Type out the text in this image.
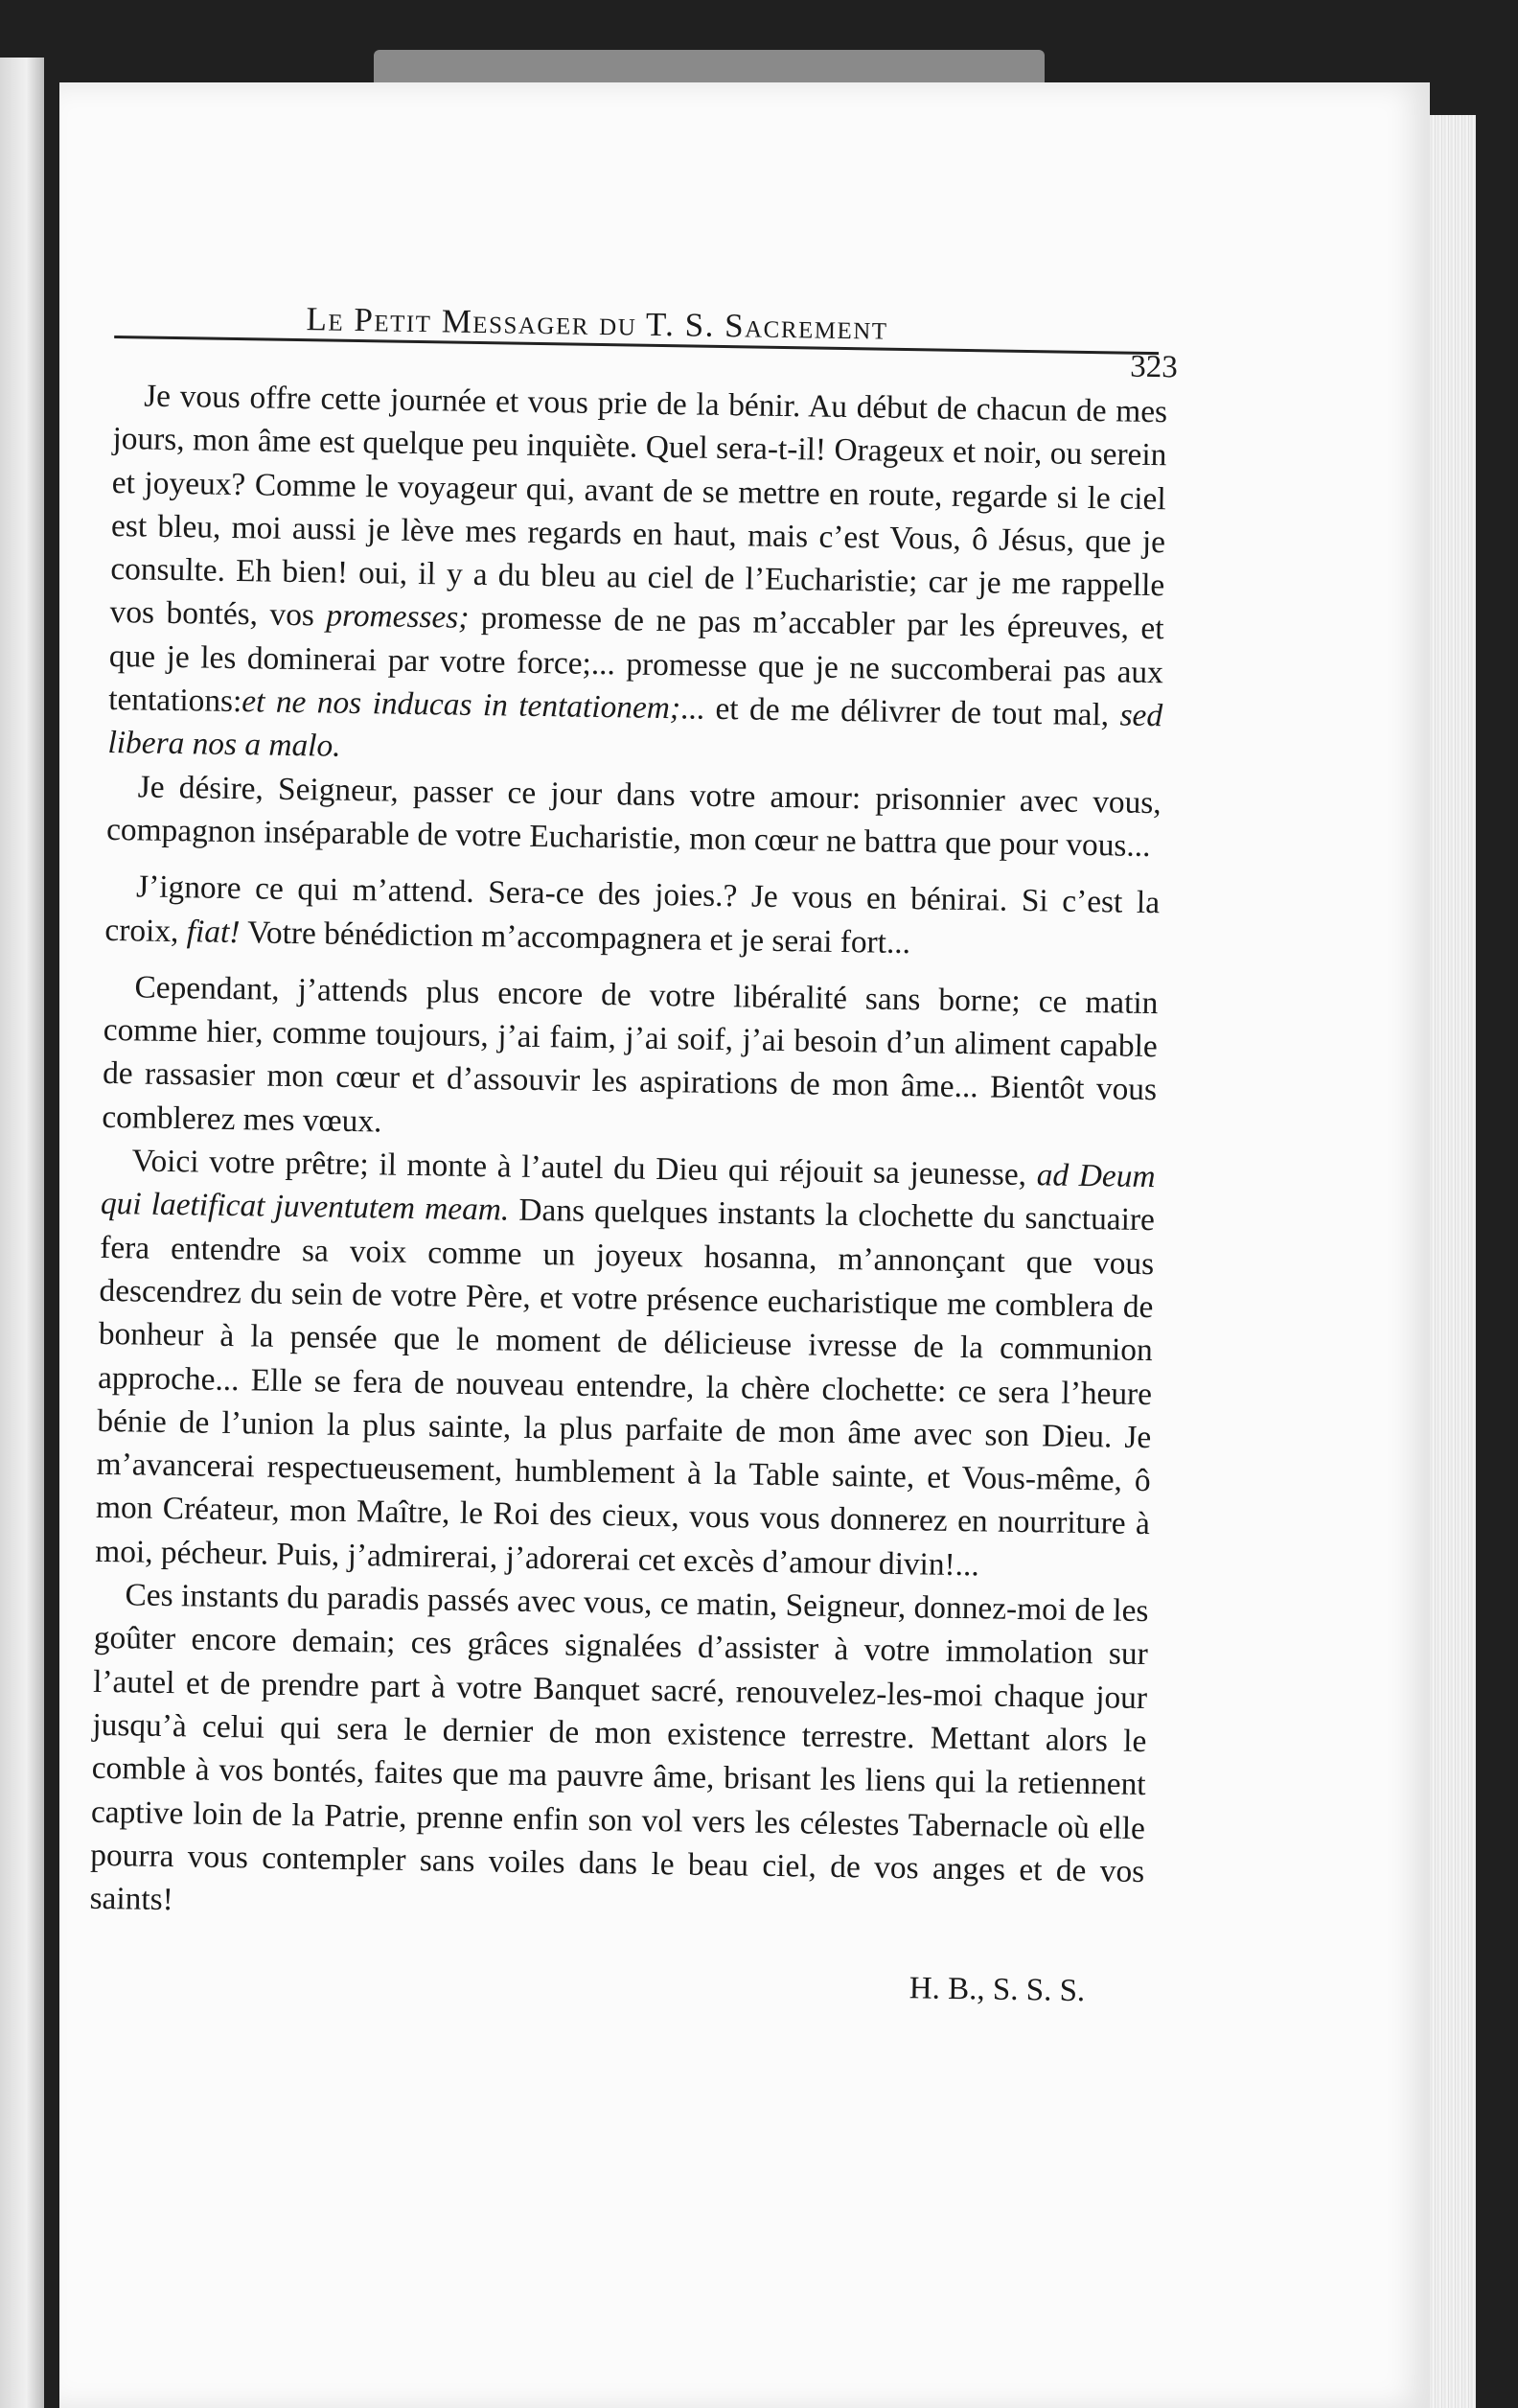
Le Petit Messager du T. S. Sacrement
323

Je vous offre cette journée et vous prie de la bénir. Au début de chacun de mes jours, mon âme est quelque peu inquiète. Quel sera-t-il! Orageux et noir, ou serein et joyeux? Comme le voyageur qui, avant de se mettre en route, regarde si le ciel est bleu, moi aussi je lève mes regards en haut, mais c’est Vous, ô Jésus, que je consulte. Eh bien! oui, il y a du bleu au ciel de l’Eucharistie; car je me rappelle vos bontés, vos promesses; promesse de ne pas m’accabler par les épreuves, et que je les dominerai par votre force;... promesse que je ne succomberai pas aux tentations:et ne nos inducas in tentationem;... et de me délivrer de tout mal, sed libera nos a malo.

Je désire, Seigneur, passer ce jour dans votre amour: prisonnier avec vous, compagnon inséparable de votre Eucharistie, mon cœur ne battra que pour vous...

J’ignore ce qui m’attend. Sera-ce des joies.? Je vous en bénirai. Si c’est la croix, fiat! Votre bénédiction m’accompagnera et je serai fort...

Cependant, j’attends plus encore de votre libéralité sans borne; ce matin comme hier, comme toujours, j’ai faim, j’ai soif, j’ai besoin d’un aliment capable de rassasier mon cœur et d’assouvir les aspirations de mon âme... Bientôt vous comblerez mes vœux.

Voici votre prêtre; il monte à l’autel du Dieu qui réjouit sa jeunesse, ad Deum qui laetificat juventutem meam. Dans quelques instants la clochette du sanctuaire fera entendre sa voix comme un joyeux hosanna, m’annonçant que vous descendrez du sein de votre Père, et votre présence eucharistique me comblera de bonheur à la pensée que le moment de délicieuse ivresse de la communion approche... Elle se fera de nouveau entendre, la chère clochette: ce sera l’heure bénie de l’union la plus sainte, la plus parfaite de mon âme avec son Dieu. Je m’avancerai respectueusement, humblement à la Table sainte, et Vous-même, ô mon Créateur, mon Maître, le Roi des cieux, vous vous donnerez en nourriture à moi, pécheur. Puis, j’admirerai, j’adorerai cet excès d’amour divin!...

Ces instants du paradis passés avec vous, ce matin, Seigneur, donnez-moi de les goûter encore demain; ces grâces signalées d’assister à votre immolation sur l’autel et de prendre part à votre Banquet sacré, renouvelez-les-moi chaque jour jusqu’à celui qui sera le dernier de mon existence terrestre. Mettant alors le comble à vos bontés, faites que ma pauvre âme, brisant les liens qui la retiennent captive loin de la Patrie, prenne enfin son vol vers les célestes Tabernacle où elle pourra vous contempler sans voiles dans le beau ciel, de vos anges et de vos saints!

H. B., S. S. S.
